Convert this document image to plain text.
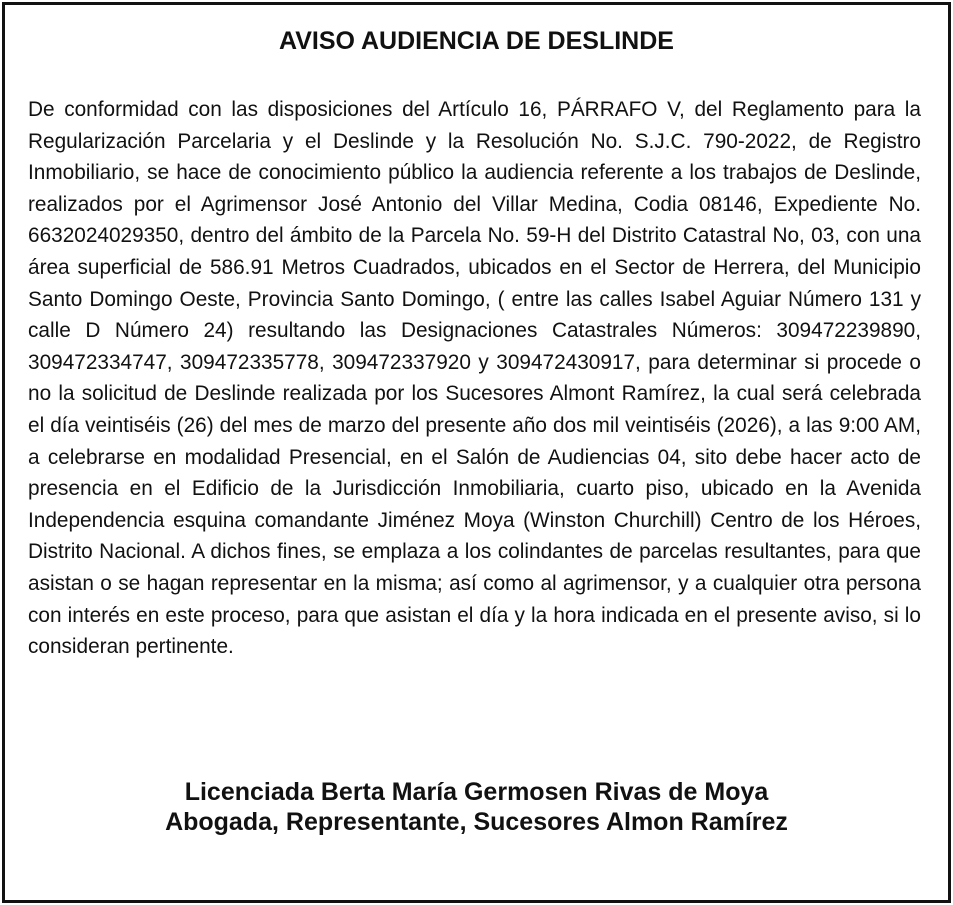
AVISO AUDIENCIA DE DESLINDE

De conformidad con las disposiciones del Artículo 16, PÁRRAFO V, del Reglamento para la Regularización Parcelaria y el Deslinde y la Resolución No. S.J.C. 790-2022, de Registro Inmobiliario, se hace de conocimiento público la audiencia referente a los trabajos de Deslinde, realizados por el Agrimensor José Antonio del Villar Medina, Codia 08146, Expediente No. 6632024029350, dentro del ámbito de la Parcela No. 59-H del Distrito Catastral No, 03, con una área superficial de 586.91 Metros Cuadrados, ubicados en el Sector de Herrera, del Municipio Santo Domingo Oeste, Provincia Santo Domingo, ( entre las calles Isabel Aguiar Número 131 y calle D Número 24) resultando las Designaciones Catastrales Números: 309472239890, 309472334747, 309472335778, 309472337920 y 309472430917, para determinar si procede o no la solicitud de Deslinde realizada por los Sucesores Almont Ramírez, la cual será celebrada el día veintiséis (26) del mes de marzo del presente año dos mil veintiséis (2026), a las 9:00 AM, a celebrarse en modalidad Presencial, en el Salón de Audiencias 04, sito debe hacer acto de presencia en el Edificio de la Jurisdicción Inmobiliaria, cuarto piso, ubicado en la Avenida Independencia esquina comandante Jiménez Moya (Winston Churchill) Centro de los Héroes, Distrito Nacional. A dichos fines, se emplaza a los colindantes de parcelas resultantes, para que asistan o se hagan representar en la misma; así como al agrimensor, y a cualquier otra persona con interés en este proceso, para que asistan el día y la hora indicada en el presente aviso, si lo consideran pertinente.

Licenciada Berta María Germosen Rivas de Moya
Abogada, Representante, Sucesores Almon Ramírez
